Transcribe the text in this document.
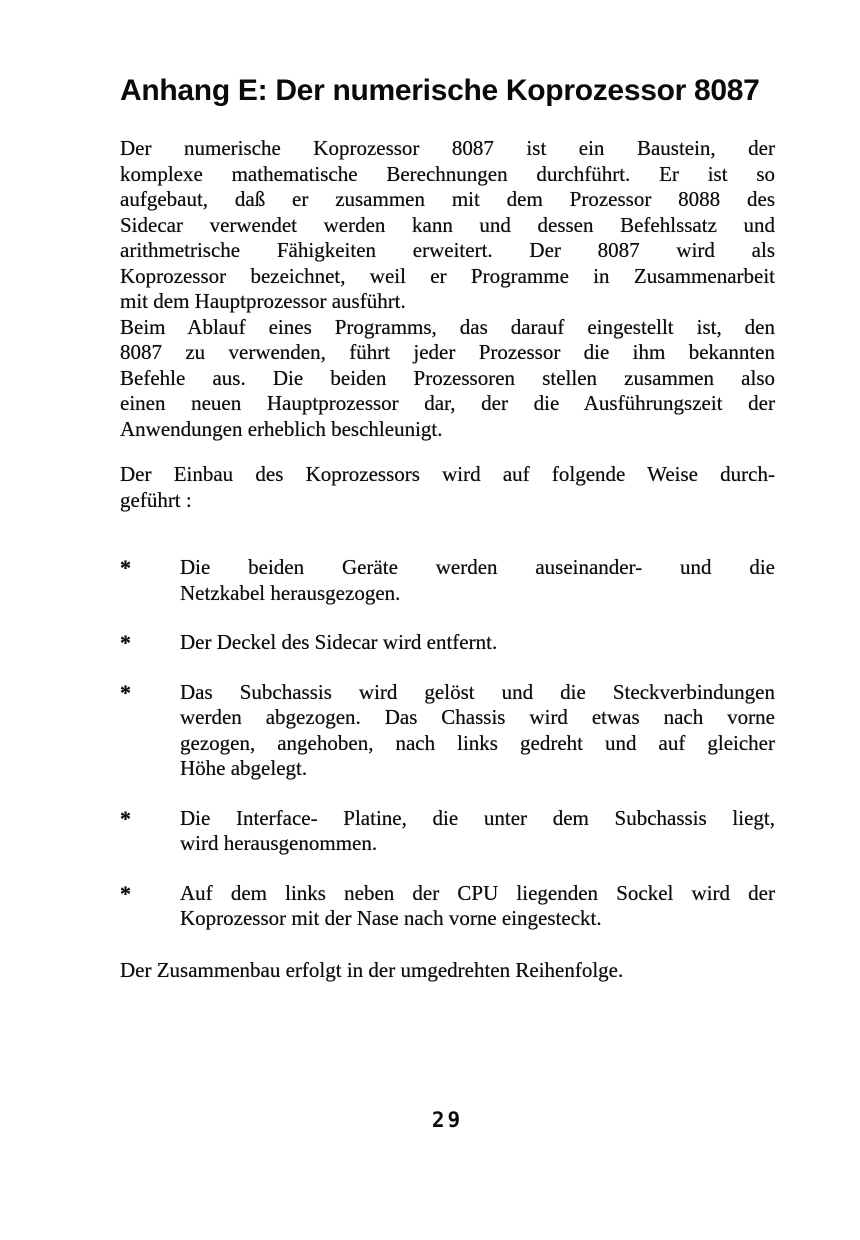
Anhang E: Der numerische Koprozessor 8087
Der numerische Koprozessor 8087 ist ein Baustein, der
komplexe mathematische Berechnungen durchführt. Er ist so
aufgebaut, daß er zusammen mit dem Prozessor 8088 des
Sidecar verwendet werden kann und dessen Befehlssatz und
arithmetrische Fähigkeiten erweitert. Der 8087 wird als
Koprozessor bezeichnet, weil er Programme in Zusammenarbeit
mit dem Hauptprozessor ausführt.
Beim Ablauf eines Programms, das darauf eingestellt ist, den
8087 zu verwenden, führt jeder Prozessor die ihm bekannten
Befehle aus. Die beiden Prozessoren stellen zusammen also
einen neuen Hauptprozessor dar, der die Ausführungszeit der
Anwendungen erheblich beschleunigt.
Der Einbau des Koprozessors wird auf folgende Weise durch-
geführt :
*	Die beiden Geräte werden auseinander- und die
Netzkabel herausgezogen.
*	Der Deckel des Sidecar wird entfernt.
*	Das Subchassis wird gelöst und die Steckverbindungen
werden abgezogen. Das Chassis wird etwas nach vorne
gezogen, angehoben, nach links gedreht und auf gleicher
Höhe abgelegt.
*	Die Interface- Platine, die unter dem Subchassis liegt,
wird herausgenommen.
*	Auf dem links neben der CPU liegenden Sockel wird der
Koprozessor mit der Nase nach vorne eingesteckt.
Der Zusammenbau erfolgt in der umgedrehten Reihenfolge.
29
